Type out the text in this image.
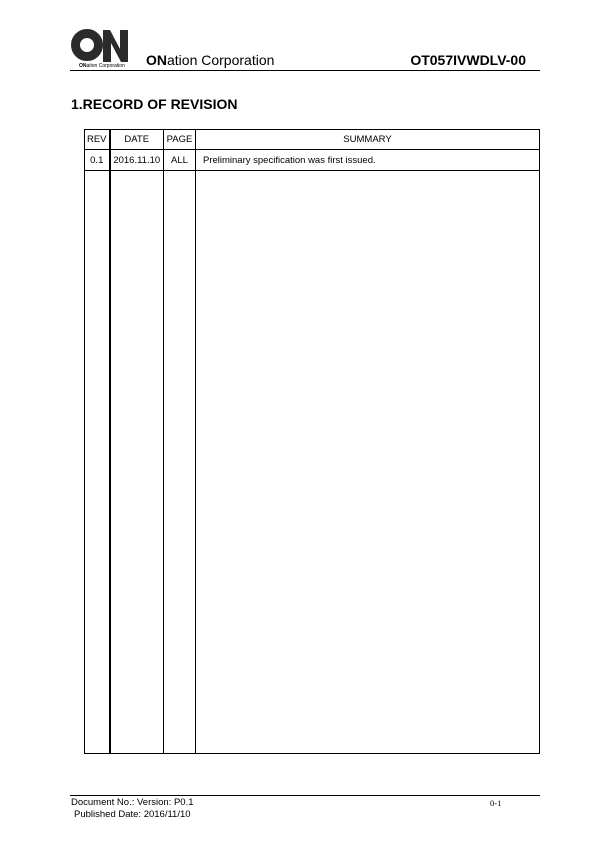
ONation Corporation ONation Corporation	OT057IVWDLV-00
1.RECORD OF REVISION
REV	DATE	PAGE	SUMMARY
0.1	2016.11.10	ALL	Preliminary specification was first issued.

Document No.: Version: P0.1
Published Date: 2016/11/10
0-1
